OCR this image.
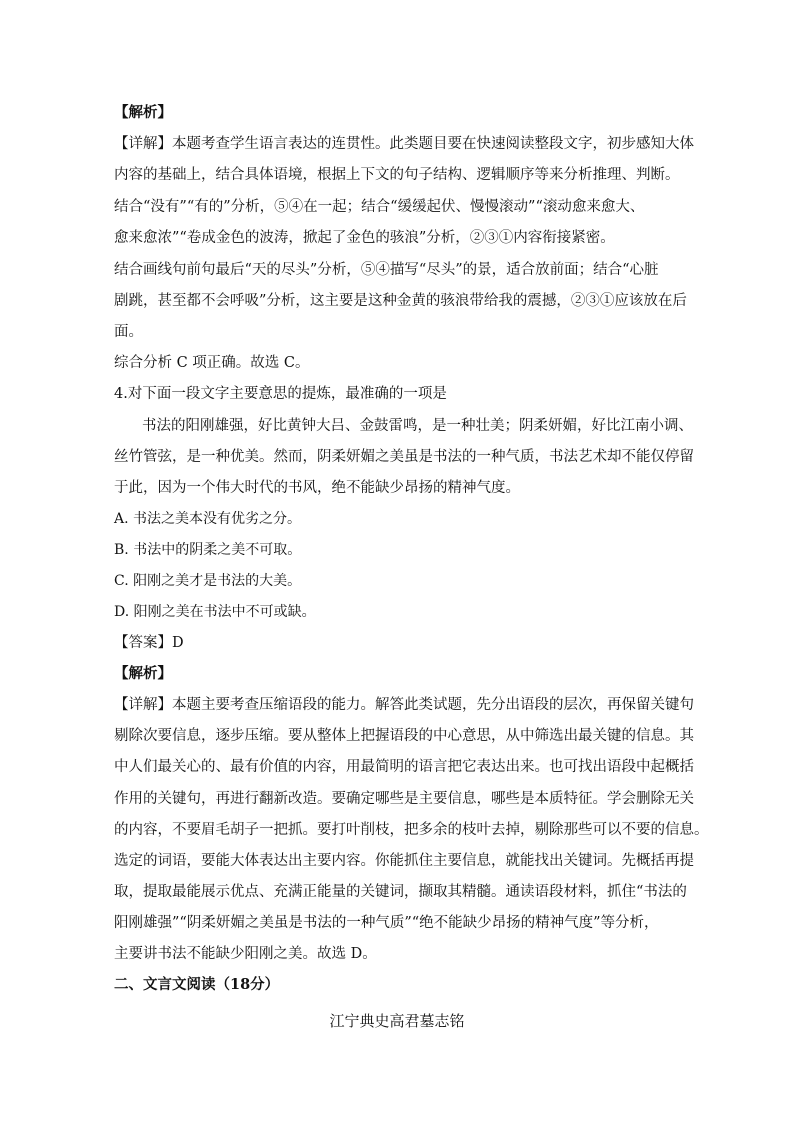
【解析】
【详解】本题考查学生语言表达的连贯性。此类题目要在快速阅读整段文字，初步感知大体
内容的基础上，结合具体语境，根据上下文的句子结构、逻辑顺序等来分析推理、判断。
结合“没有”“有的”分析，⑤④在一起；结合“缓缓起伏、慢慢滚动”“滚动愈来愈大、
愈来愈浓”“卷成金色的波涛，掀起了金色的骇浪”分析，②③①内容衔接紧密。
结合画线句前句最后“天的尽头”分析，⑤④描写“尽头”的景，适合放前面；结合“心脏
剧跳，甚至都不会呼吸”分析，这主要是这种金黄的骇浪带给我的震撼，②③①应该放在后
面。
综合分析 C 项正确。故选 C。
4.对下面一段文字主要意思的提炼，最准确的一项是
书法的阳刚雄强，好比黄钟大吕、金鼓雷鸣，是一种壮美；阴柔妍媚，好比江南小调、
丝竹管弦，是一种优美。然而，阴柔妍媚之美虽是书法的一种气质，书法艺术却不能仅停留
于此，因为一个伟大时代的书风，绝不能缺少昂扬的精神气度。
A. 书法之美本没有优劣之分。
B. 书法中的阴柔之美不可取。
C. 阳刚之美才是书法的大美。
D. 阳刚之美在书法中不可或缺。
【答案】D
【解析】
【详解】本题主要考查压缩语段的能力。解答此类试题，先分出语段的层次，再保留关键句
剔除次要信息，逐步压缩。要从整体上把握语段的中心意思，从中筛选出最关键的信息。其
中人们最关心的、最有价值的内容，用最简明的语言把它表达出来。也可找出语段中起概括
作用的关键句，再进行翻新改造。要确定哪些是主要信息，哪些是本质特征。学会删除无关
的内容，不要眉毛胡子一把抓。要打叶削枝，把多余的枝叶去掉，剔除那些可以不要的信息。
选定的词语，要能大体表达出主要内容。你能抓住主要信息，就能找出关键词。先概括再提
取，提取最能展示优点、充满正能量的关键词，撷取其精髓。通读语段材料，抓住“书法的
阳刚雄强”“阴柔妍媚之美虽是书法的一种气质”“绝不能缺少昂扬的精神气度”等分析，
主要讲书法不能缺少阳刚之美。故选 D。
二、文言文阅读（18分）
江宁典史高君墓志铭
